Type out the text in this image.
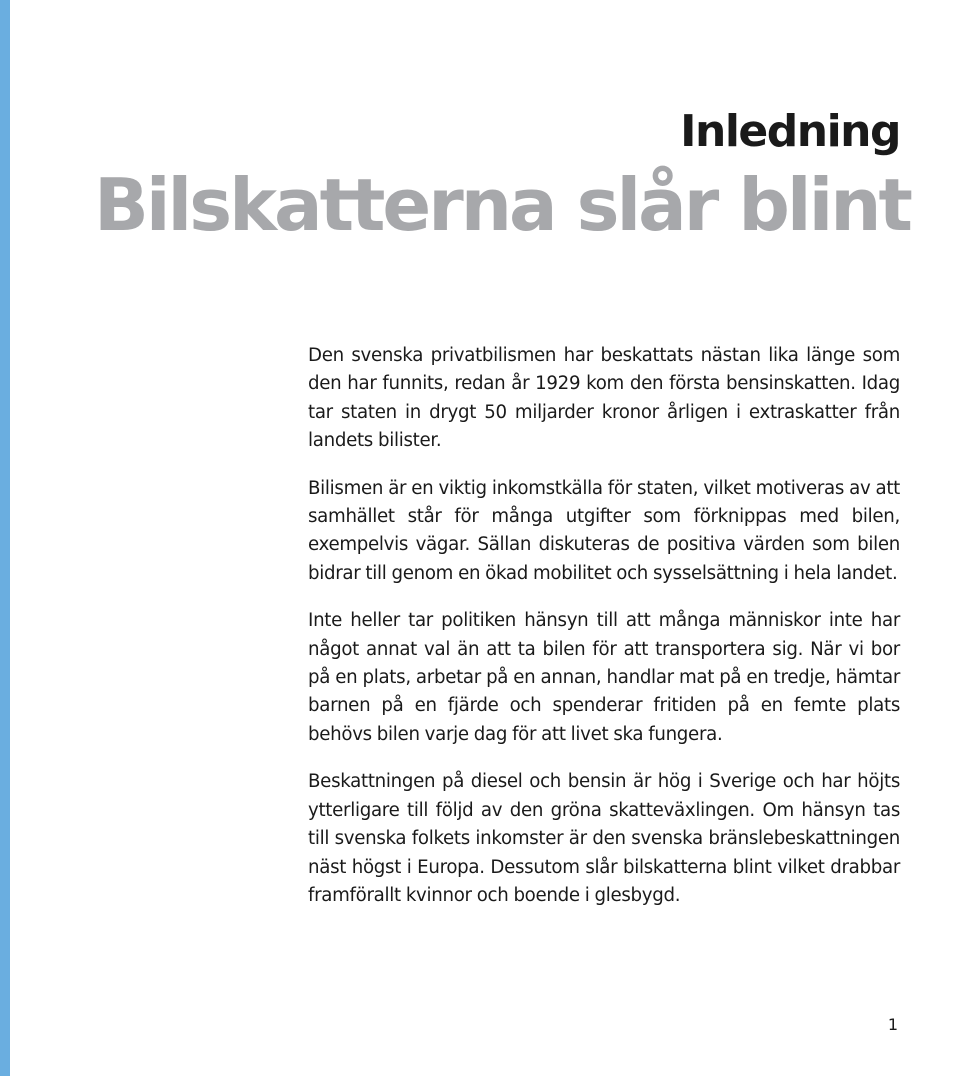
Inledning
Bilskatterna slår blint

Den svenska privatbilismen har beskattats nästan lika länge som den har funnits, redan år 1929 kom den första bensinskatten. Idag tar staten in drygt 50 miljarder kronor årligen i extraskatter från landets bilister.

Bilismen är en viktig inkomstkälla för staten, vilket motiveras av att samhället står för många utgifter som förknippas med bilen, exempelvis vägar. Sällan diskuteras de positiva värden som bilen bidrar till genom en ökad mobilitet och sysselsättning i hela landet.

Inte heller tar politiken hänsyn till att många människor inte har något annat val än att ta bilen för att transportera sig. När vi bor på en plats, arbetar på en annan, handlar mat på en tredje, hämtar barnen på en fjärde och spenderar fritiden på en femte plats behövs bilen varje dag för att livet ska fungera.

Beskattningen på diesel och bensin är hög i Sverige och har höjts ytterligare till följd av den gröna skatteväxlingen. Om hänsyn tas till svenska folkets inkomster är den svenska bränslebeskattningen näst högst i Europa. Dessutom slår bilskatterna blint vilket drabbar framförallt kvinnor och boende i glesbygd.

1
